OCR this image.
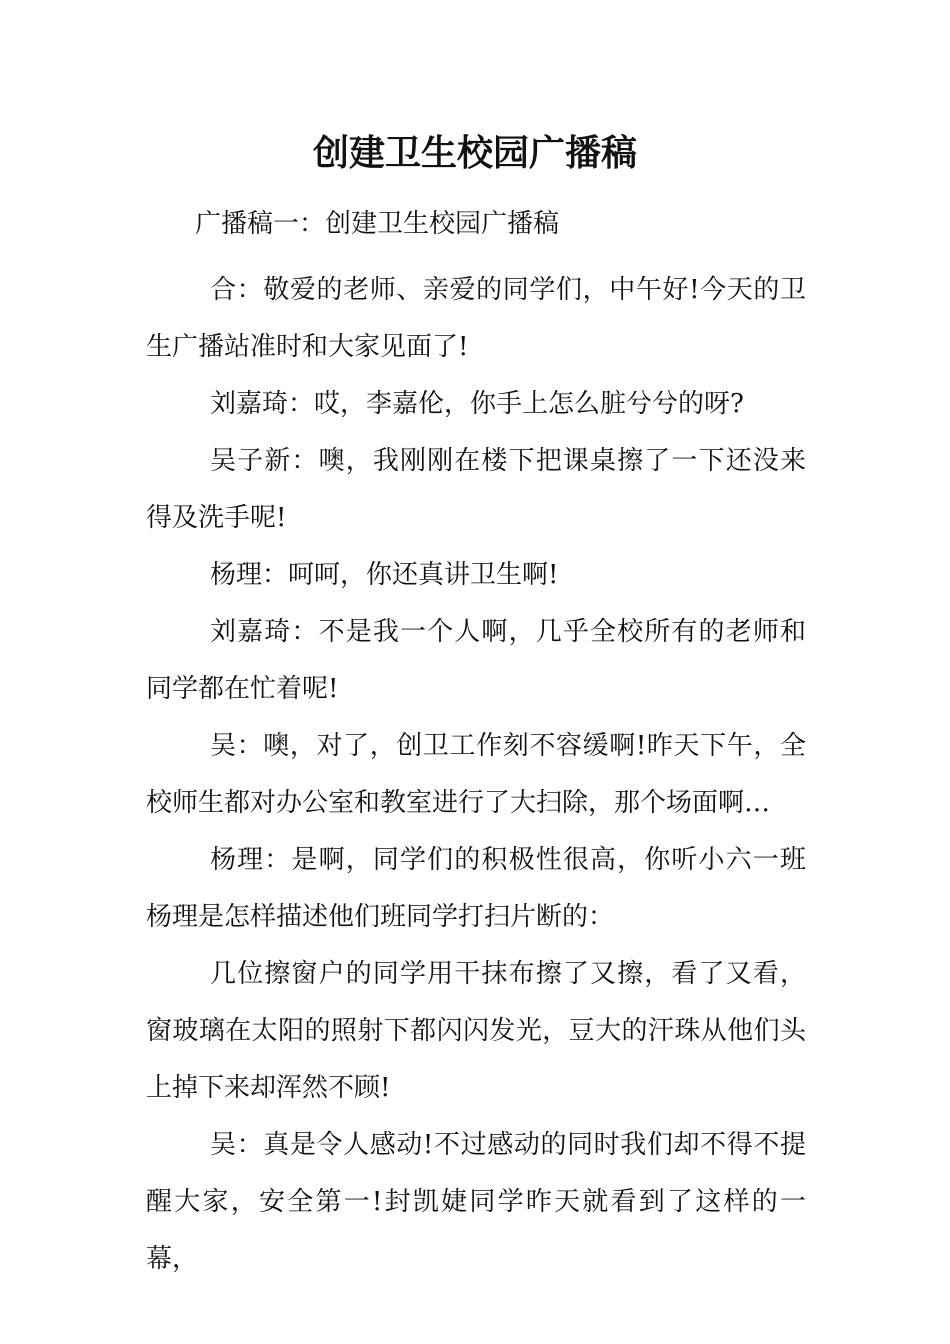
创建卫生校园广播稿
广播稿一：创建卫生校园广播稿

合：敬爱的老师、亲爱的同学们，中午好!今天的卫生广播站准时和大家见面了!

刘嘉琦：哎，李嘉伦，你手上怎么脏兮兮的呀?

吴子新：噢，我刚刚在楼下把课桌擦了一下还没来得及洗手呢!

杨理：呵呵，你还真讲卫生啊!

刘嘉琦：不是我一个人啊，几乎全校所有的老师和同学都在忙着呢!

吴：噢，对了，创卫工作刻不容缓啊!昨天下午，全校师生都对办公室和教室进行了大扫除，那个场面啊…

杨理：是啊，同学们的积极性很高，你听小六一班杨理是怎样描述他们班同学打扫片断的：

几位擦窗户的同学用干抹布擦了又擦，看了又看，窗玻璃在太阳的照射下都闪闪发光，豆大的汗珠从他们头上掉下来却浑然不顾!

吴：真是令人感动!不过感动的同时我们却不得不提醒大家，安全第一!封凯婕同学昨天就看到了这样的一幕，
